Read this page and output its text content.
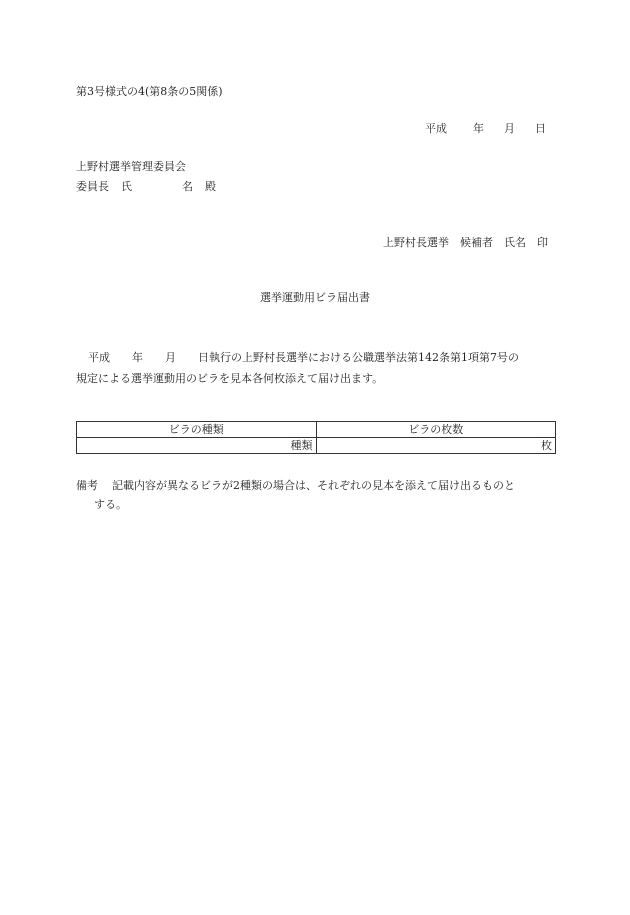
第3号様式の4(第8条の5関係)
平成 年 月 日
上野村選挙管理委員会
委員長 氏	名 殿
上野村長選挙 候補者 氏名 印
選挙運動用ビラ届出書
平成 年 月 日執行の上野村長選挙における公職選挙法第142条第1項第7号の
規定による選挙運動用のビラを見本各何枚添えて届け出ます。
ビラの種類	ビラの枚数
種類	枚
備考 記載内容が異なるビラが2種類の場合は、それぞれの見本を添えて届け出るものと
する。
